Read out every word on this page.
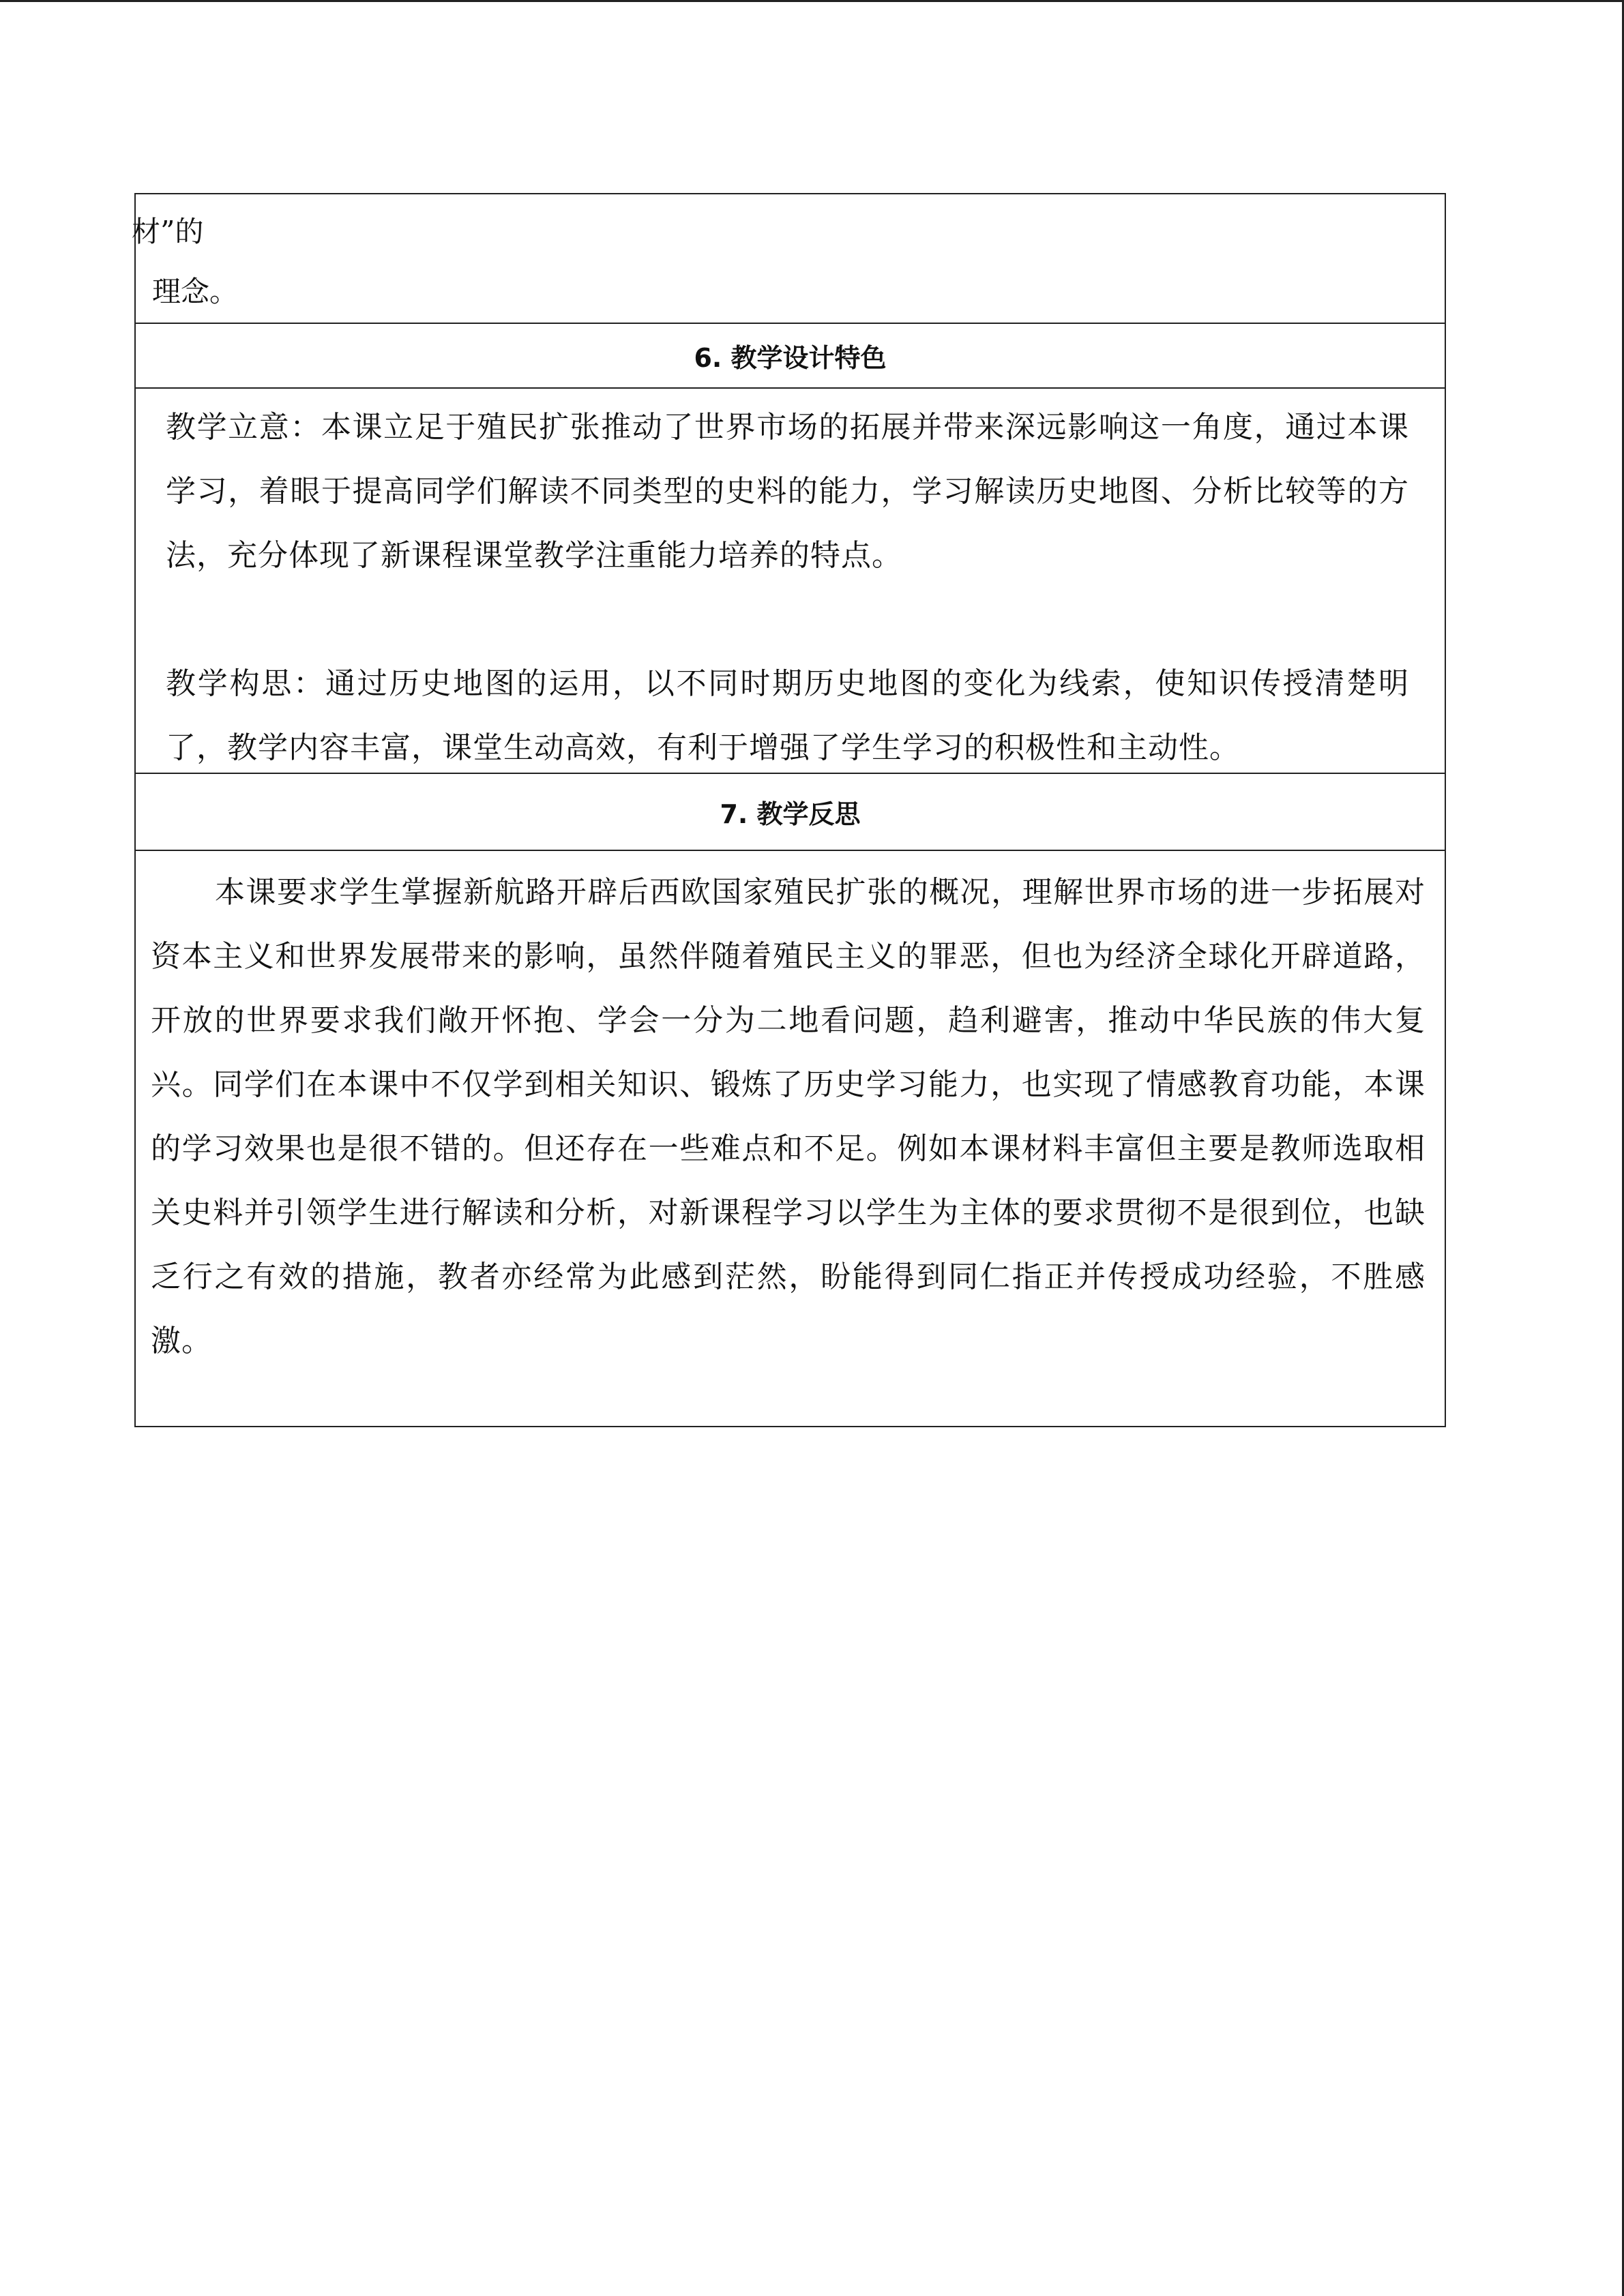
材”的
理念。
6. 教学设计特色

教学立意：本课立足于殖民扩张推动了世界市场的拓展并带来深远影响这一角度，通过本课学习，着眼于提高同学们解读不同类型的史料的能力，学习解读历史地图、分析比较等的方法，充分体现了新课程课堂教学注重能力培养的特点。

教学构思：通过历史地图的运用，以不同时期历史地图的变化为线索，使知识传授清楚明了，教学内容丰富，课堂生动高效，有利于增强了学生学习的积极性和主动性。

7. 教学反思

本课要求学生掌握新航路开辟后西欧国家殖民扩张的概况，理解世界市场的进一步拓展对资本主义和世界发展带来的影响，虽然伴随着殖民主义的罪恶，但也为经济全球化开辟道路，开放的世界要求我们敞开怀抱、学会一分为二地看问题，趋利避害，推动中华民族的伟大复兴。同学们在本课中不仅学到相关知识、锻炼了历史学习能力，也实现了情感教育功能，本课的学习效果也是很不错的。但还存在一些难点和不足。例如本课材料丰富但主要是教师选取相关史料并引领学生进行解读和分析，对新课程学习以学生为主体的要求贯彻不是很到位，也缺乏行之有效的措施，教者亦经常为此感到茫然，盼能得到同仁指正并传授成功经验，不胜感激。
